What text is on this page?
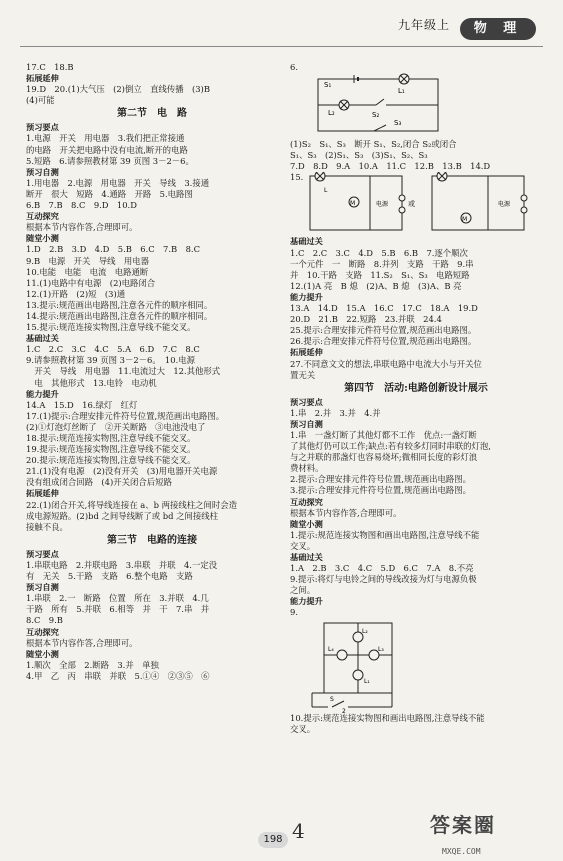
九年级上	物 理
17.C　18.B
拓展延伸
19.D　20.(1)大气压　(2)倒立　直线传播　(3)B
(4)可能
第二节　电　路
预习要点
1.电源　开关　用电器　3.我们把正常接通
的电路　开关把电路中没有电流,断开的电路
5.短路　6.请参照教材第 39 页图 3－2－6。
预习自测
1.用电器　2.电源　用电器　开关　导线　3.接通
断开　很大　短路　4.通路　开路　5.电路图
6.B　7.B　8.C　9.D　10.D
互动探究
根据本节内容作答,合理即可。
随堂小测
1.D　2.B　3.D　4.D　5.B　6.C　7.B　8.C
9.B　电源　开关　导线　用电器
10.电能　电能　电流　电路通断
11.(1)电路中有电源　(2)电路闭合
12.(1)开路　(2)短　(3)通
13.提示:规范画出电路图,注意各元件的顺序相同。
14.提示:规范画出电路图,注意各元件的顺序相同。
15.提示:规范连接实物图,注意导线不能交叉。
基础过关
1.C　2.C　3.C　4.C　5.A　6.D　7.C　8.C
9.请参照教材第 39 页图 3－2－6。　10.电源
　开关　导线　用电器　11.电流过大　12.其他形式
　电　其他形式　13.电铃　电动机
能力提升
14.A　15.D　16.绿灯　红灯
17.(1)提示:合理安排元件符号位置,规范画出电路图。
(2)①灯泡灯丝断了　②开关断路　③电池没电了
18.提示:规范连接实物图,注意导线不能交叉。
19.提示:规范连接实物图,注意导线不能交叉。
20.提示:规范连接实物图,注意导线不能交叉。
21.(1)没有电源　(2)没有开关　(3)用电器开关电源
没有组成闭合回路　(4)开关闭合后短路
拓展延伸
22.(1)闭合开关,将导线连接在 a、b 两接线柱之间时会造
成电源短路。(2)bd 之间导线断了或 bd 之间接线柱
接触不良。
第三节　电路的连接
预习要点
1.串联电路　2.并联电路　3.串联　并联　4.一定没
有　无关　5.干路　支路　6.整个电路　支路
预习自测
1.串联　2.一　断路　位置　所在　3.并联　4.几
干路　所有　5.并联　6.相等　并　干　7.串　并
8.C　9.B
互动探究
根据本节内容作答,合理即可。
随堂小测
1.顺次　全部　2.断路　3.并　单独
4.甲　乙　丙　串联　并联　5.①④　②③⑤　⑥
6.
S₁
L₁
L₂	S₂
S₃
(1)S₂　S₁、S₃　断开 S₁、S₂,闭合 S₂或闭合
S₁、S₃　(2)S₁、S₃　(3)S₁、S₂、S₃
7.D　8.D　9.A　10.A　11.C　12.B　13.B　14.D
15.
M
M
L
电源	或	电源
基础过关
1.C　2.C　3.C　4.D　5.B　6.B　7.逐个顺次
一个元件　一　断路　8.并列　支路　干路　9.串
并　10.干路　支路　11.S₂　S₁、S₃　电路短路
12.(1)A 亮　B 熄　(2)A、B 熄　(3)A、B 亮
能力提升
13.A　14.D　15.A　16.C　17.C　18.A　19.D
20.D　21.B　22.短路　23.并联　24.4
25.提示:合理安排元件符号位置,规范画出电路图。
26.提示:合理安排元件符号位置,规范画出电路图。
拓展延伸
27.不同意文文的想法,串联电路中电流大小与开关位
置无关
第四节　活动:电路创新设计展示
预习要点
1.串　2.并　3.并　4.并
预习自测
1.串　一盏灯断了其他灯都不工作　优点:一盏灯断
了其他灯仍可以工作;缺点:若有较多灯同时串联的灯泡,
与之并联的那盏灯也容易烧坏;微相同长度的彩灯浪
费材料。
2.提示:合理安排元件符号位置,规范画出电路图。
3.提示:合理安排元件符号位置,规范画出电路图。
互动探究
根据本节内容作答,合理即可。
随堂小测
1.提示:规范连接实物图和画出电路图,注意导线不能
交叉。
基础过关
1.A　2.B　3.C　4.C　5.D　6.C　7.A　8.不亮
9.提示:将灯与电铃之间的导线改接为灯与电源负极
之间。
能力提升
9.
L₂
L₄	L₃
L₁
S
2
10.提示:规范连接实物图和画出电路图,注意导线不能
交叉。
198 4	答案圈
MXQE.COM
